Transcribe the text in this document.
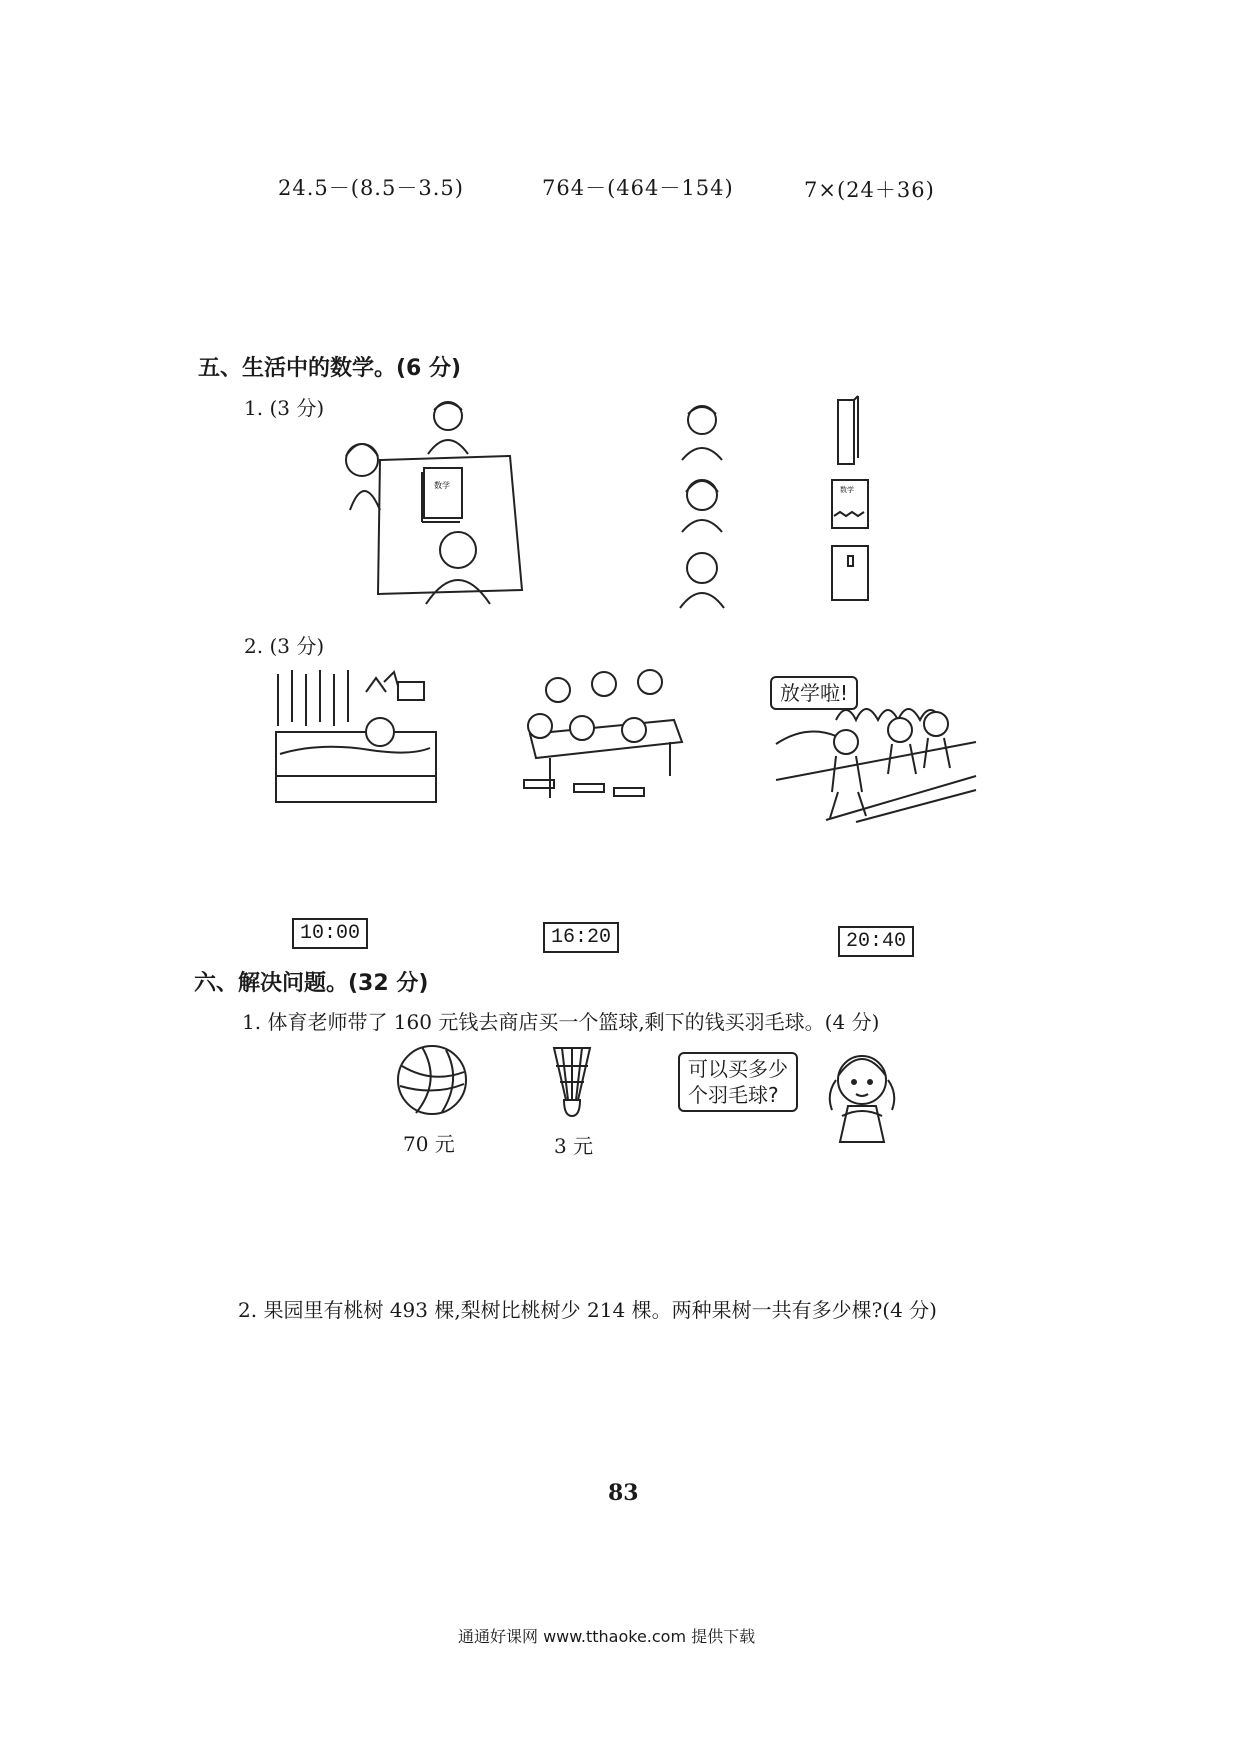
24.5－(8.5－3.5)	764－(464－154)	7×(24＋36)
五、生活中的数学。(6 分)
1. (3 分)
数学	数学
2. (3 分)
放学啦!
10:00	16:20	20:40
六、解决问题。(32 分)
1. 体育老师带了 160 元钱去商店买一个篮球,剩下的钱买羽毛球。(4 分)
70 元	3 元
可以买多少
个羽毛球?
2. 果园里有桃树 493 棵,梨树比桃树少 214 棵。两种果树一共有多少棵?(4 分)
83
通通好课网 www.tthaoke.com 提供下载
